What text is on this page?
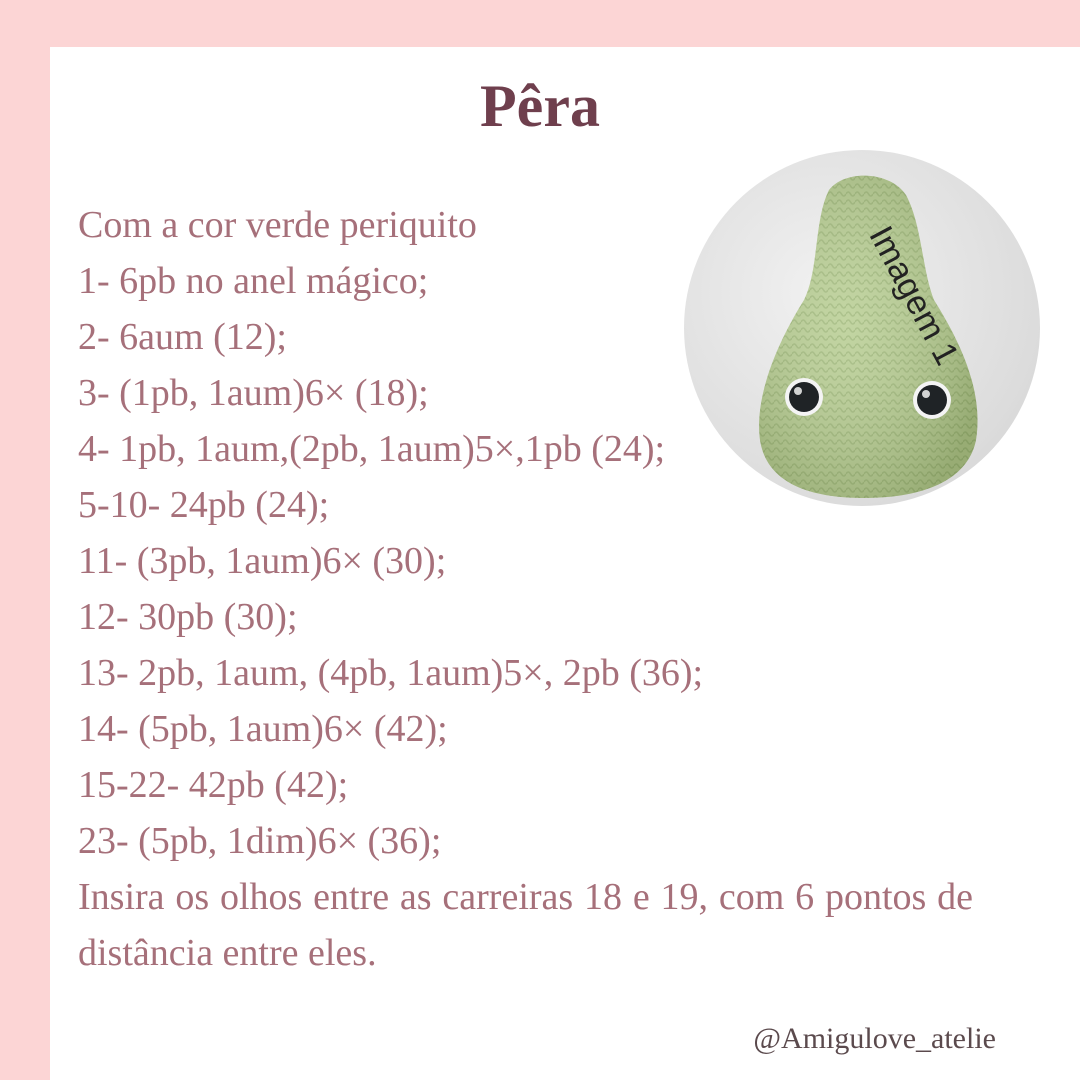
Pêra
Imagem 1
Com a cor verde periquito
1- 6pb no anel mágico;
2- 6aum (12);
3- (1pb, 1aum)6× (18);
4- 1pb, 1aum,(2pb, 1aum)5×,1pb (24);
5-10- 24pb (24);
11- (3pb, 1aum)6× (30);
12- 30pb (30);
13- 2pb, 1aum, (4pb, 1aum)5×, 2pb (36);
14- (5pb, 1aum)6× (42);
15-22- 42pb (42);
23- (5pb, 1dim)6× (36);
Insira os olhos entre as carreiras 18 e 19, com 6 pontos de distância entre eles.
@Amigulove_atelie
